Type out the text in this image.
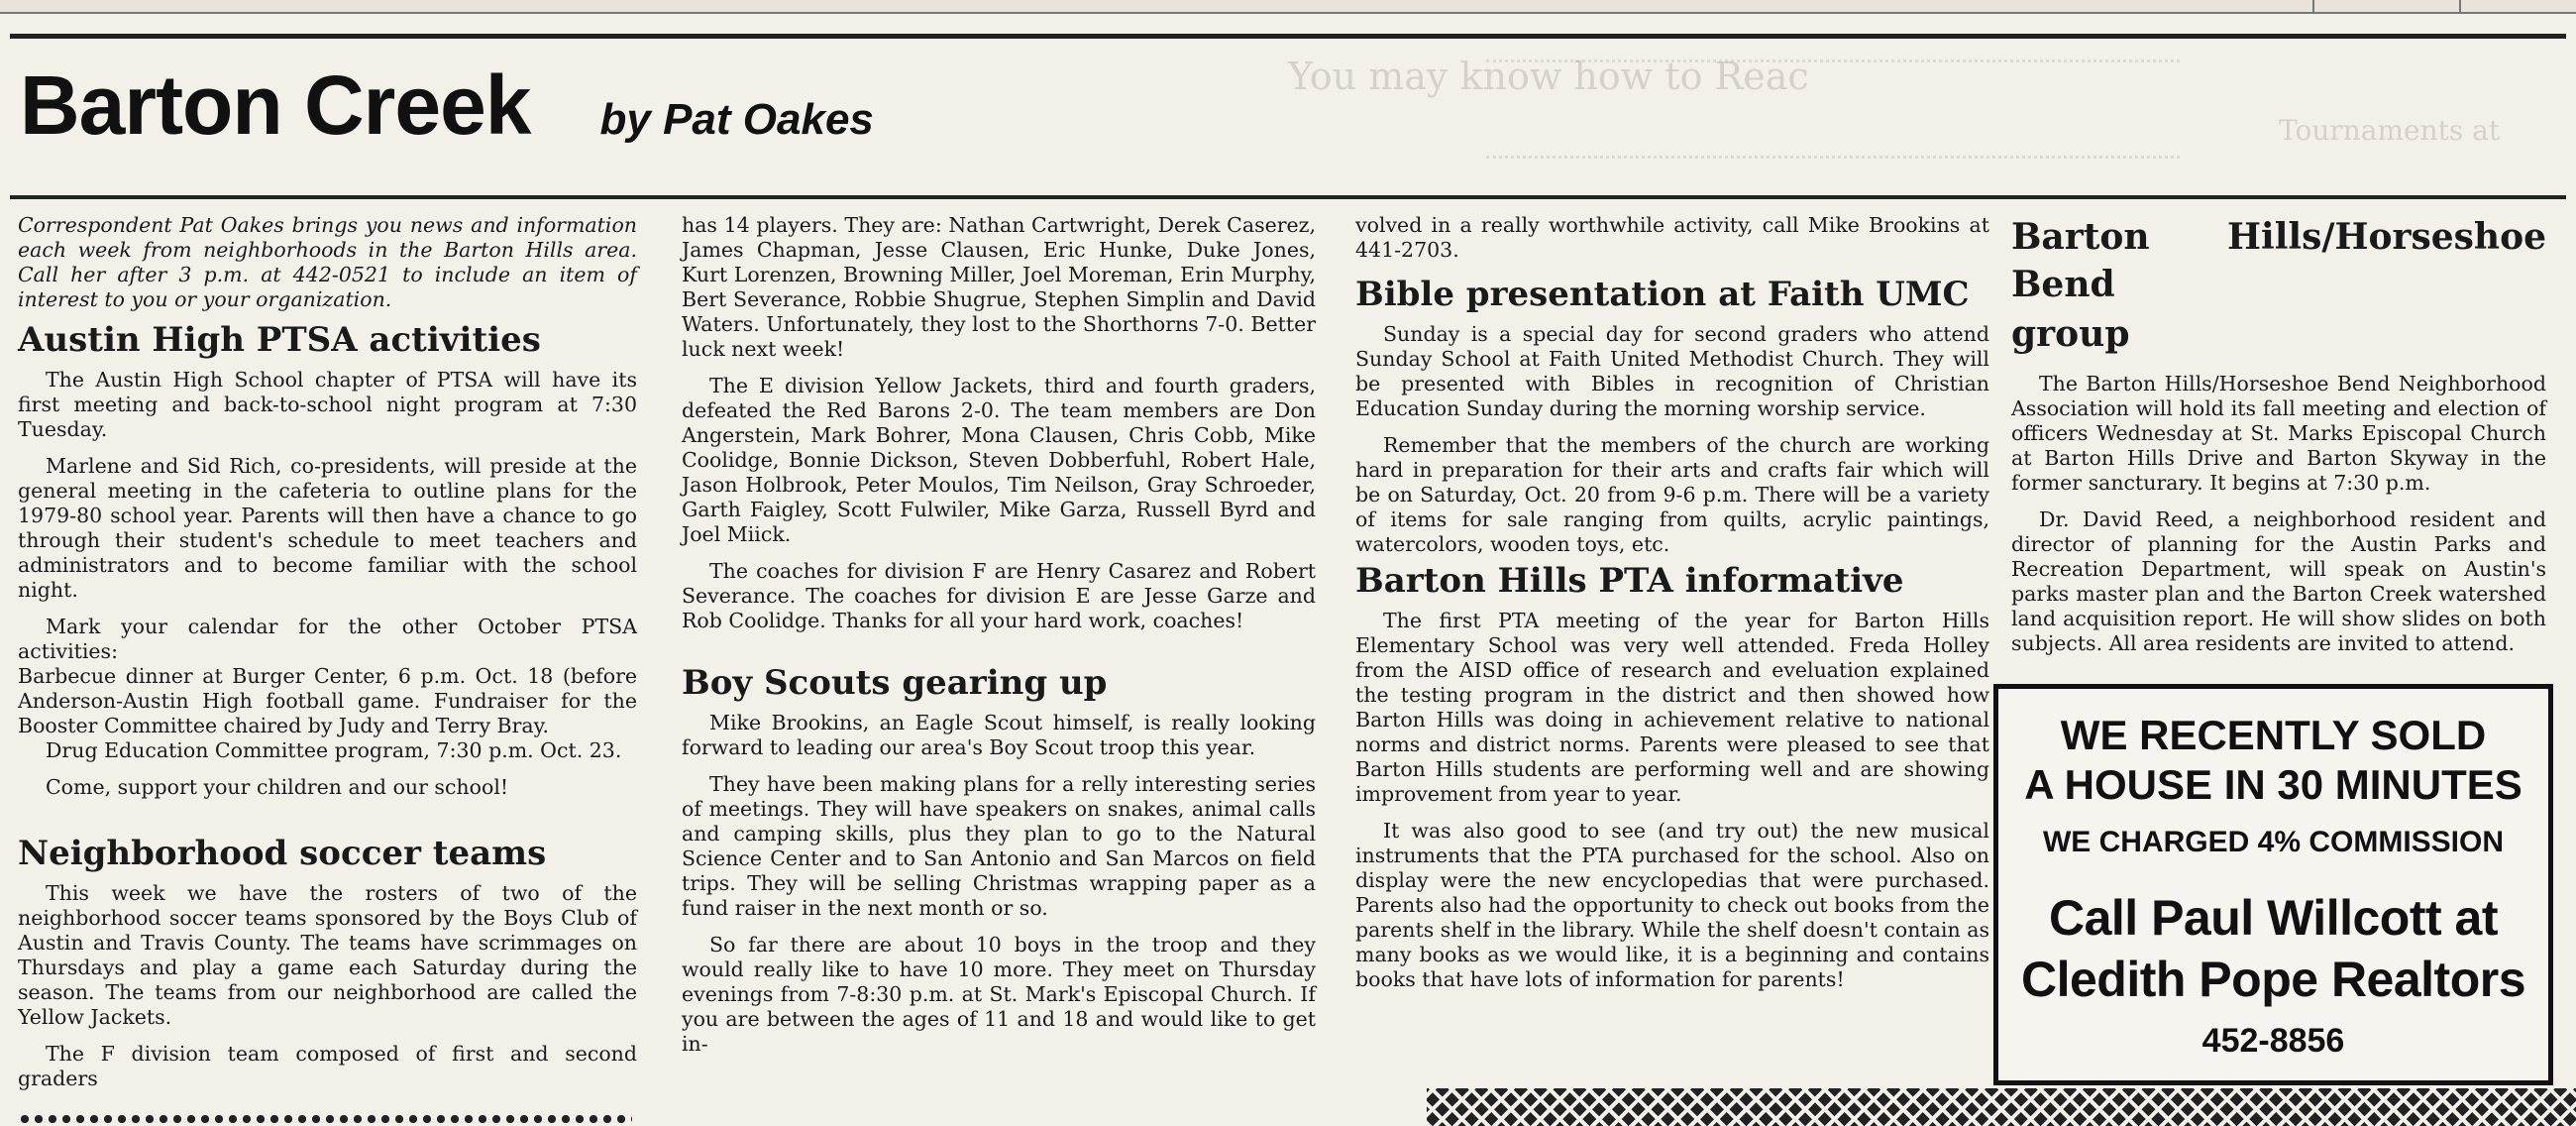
You may know how to Reac
Tournaments at
Barton Creek by Pat Oakes
Correspondent Pat Oakes brings you news and information each week from neighborhoods in the Barton Hills area. Call her after 3 p.m. at 442-0521 to include an item of interest to you or your organization.
Austin High PTSA activities
The Austin High School chapter of PTSA will have its first meeting and back-to-school night program at 7:30 Tuesday.
Marlene and Sid Rich, co-presidents, will preside at the general meeting in the cafeteria to outline plans for the 1979-80 school year. Parents will then have a chance to go through their student's schedule to meet teachers and administrators and to become familiar with the school night.
Mark your calendar for the other October PTSA activities:
Barbecue dinner at Burger Center, 6 p.m. Oct. 18 (before Anderson-Austin High football game. Fundraiser for the Booster Committee chaired by Judy and Terry Bray.
Drug Education Committee program, 7:30 p.m. Oct. 23.
Come, support your children and our school!
Neighborhood soccer teams
This week we have the rosters of two of the neighborhood soccer teams sponsored by the Boys Club of Austin and Travis County. The teams have scrimmages on Thursdays and play a game each Saturday during the season. The teams from our neighborhood are called the Yellow Jackets.
The F division team composed of first and second graders
has 14 players. They are: Nathan Cartwright, Derek Caserez, James Chapman, Jesse Clausen, Eric Hunke, Duke Jones, Kurt Lorenzen, Browning Miller, Joel Moreman, Erin Murphy, Bert Severance, Robbie Shugrue, Stephen Simplin and David Waters. Unfortunately, they lost to the Shorthorns 7-0. Better luck next week!
The E division Yellow Jackets, third and fourth graders, defeated the Red Barons 2-0. The team members are Don Angerstein, Mark Bohrer, Mona Clausen, Chris Cobb, Mike Coolidge, Bonnie Dickson, Steven Dobberfuhl, Robert Hale, Jason Holbrook, Peter Moulos, Tim Neilson, Gray Schroeder, Garth Faigley, Scott Fulwiler, Mike Garza, Russell Byrd and Joel Miick.
The coaches for division F are Henry Casarez and Robert Severance. The coaches for division E are Jesse Garze and Rob Coolidge. Thanks for all your hard work, coaches!
Boy Scouts gearing up
Mike Brookins, an Eagle Scout himself, is really looking forward to leading our area's Boy Scout troop this year.
They have been making plans for a relly interesting series of meetings. They will have speakers on snakes, animal calls and camping skills, plus they plan to go to the Natural Science Center and to San Antonio and San Marcos on field trips. They will be selling Christmas wrapping paper as a fund raiser in the next month or so.
So far there are about 10 boys in the troop and they would really like to have 10 more. They meet on Thursday evenings from 7-8:30 p.m. at St. Mark's Episcopal Church. If you are between the ages of 11 and 18 and would like to get in-
volved in a really worthwhile activity, call Mike Brookins at 441-2703.
Bible presentation at Faith UMC
Sunday is a special day for second graders who attend Sunday School at Faith United Methodist Church. They will be presented with Bibles in recognition of Christian Education Sunday during the morning worship service.
Remember that the members of the church are working hard in preparation for their arts and crafts fair which will be on Saturday, Oct. 20 from 9-6 p.m. There will be a variety of items for sale ranging from quilts, acrylic paintings, watercolors, wooden toys, etc.
Barton Hills PTA informative
The first PTA meeting of the year for Barton Hills Elementary School was very well attended. Freda Holley from the AISD office of research and eveluation explained the testing program in the district and then showed how Barton Hills was doing in achievement relative to national norms and district norms. Parents were pleased to see that Barton Hills students are performing well and are showing improvement from year to year.
It was also good to see (and try out) the new musical instruments that the PTA purchased for the school. Also on display were the new encyclopedias that were purchased. Parents also had the opportunity to check out books from the parents shelf in the library. While the shelf doesn't contain as many books as we would like, it is a beginning and contains books that have lots of information for parents!
Barton Hills/Horseshoe Bend
group
The Barton Hills/Horseshoe Bend Neighborhood Association will hold its fall meeting and election of officers Wednesday at St. Marks Episcopal Church at Barton Hills Drive and Barton Skyway in the former sancturary. It begins at 7:30 p.m.
Dr. David Reed, a neighborhood resident and director of planning for the Austin Parks and Recreation Department, will speak on Austin's parks master plan and the Barton Creek watershed land acquisition report. He will show slides on both subjects. All area residents are invited to attend.
WE RECENTLY SOLD
A HOUSE IN 30 MINUTES
WE CHARGED 4% COMMISSION
Call Paul Willcott at
Cledith Pope Realtors
452-8856
